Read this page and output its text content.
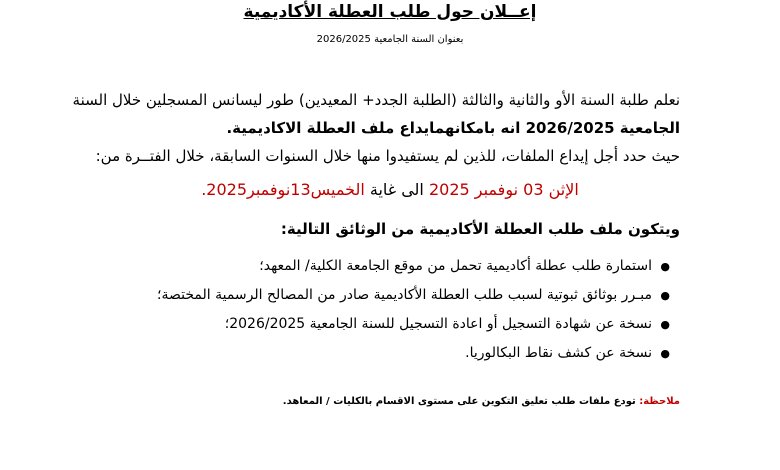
إعــلان حول طلب العطلة الأكاديمية
بعنوان السنة الجامعية 2026/2025
نعلم طلبة السنة الأو والثانية والثالثة (الطلبة الجدد+ المعيدين) طور ليسانس المسجلين خلال السنة
الجامعية 2026/2025 انه بامكانهمايداع ملف العطلة الاكاديمية.
حيث حدد أجل إيداع الملفات، للذين لم يستفيدوا منها خلال السنوات السابقة، خلال الفتــرة من:
الإثن 03 نوفمبر 2025 الى غاية الخميس13نوفمبر2025.
ويتكون ملف طلب العطلة الأكاديمية من الوثائق التالية:
●
استمارة طلب عطلة أكاديمية تحمل من موقع الجامعة الكلية/ المعهد؛
●
مبـرر بوثائق ثبوتية لسبب طلب العطلة الأكاديمية صادر من المصالح الرسمية المختصة؛
●
نسخة عن شهادة التسجيل أو اعادة التسجيل للسنة الجامعية 2026/2025؛
●
نسخة عن كشف نقاط البكالوريا.
ملاحظة: تودع ملفات طلب تعليق التكوين على مستوى الاقسام بالكليات / المعاهد.
